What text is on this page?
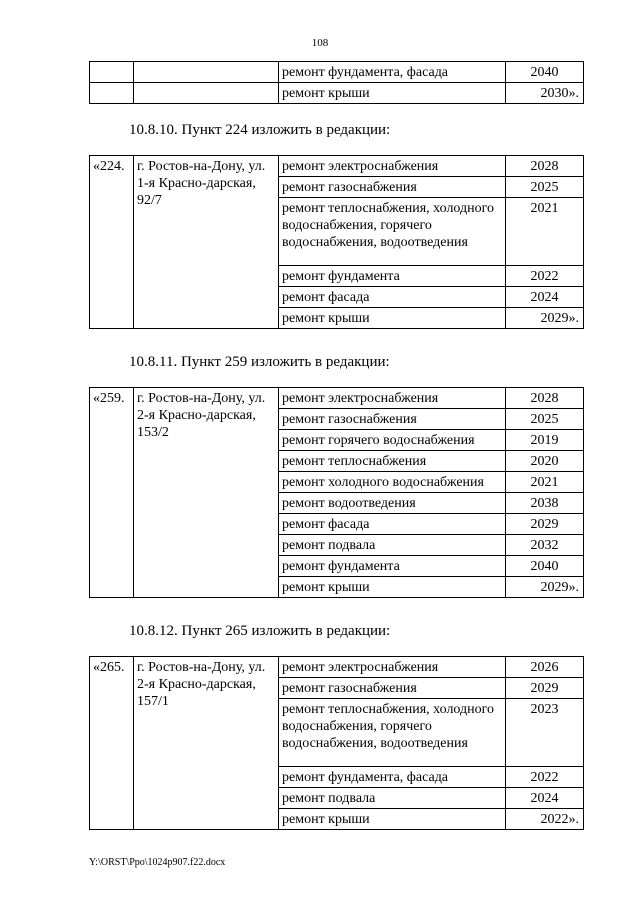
108
		ремонт фундамента, фасада	2040
		ремонт крыши	2030».
10.8.10. Пункт 224 изложить в редакции:
«224.	г. Ростов-на-Дону, ул. 1-я Красно-дарская, 92/7	ремонт электроснабжения	2028
		ремонт газоснабжения	2025
		ремонт теплоснабжения, холодного водоснабжения, горячего водоснабжения, водоотведения	2021
		ремонт фундамента	2022
		ремонт фасада	2024
		ремонт крыши	2029».
10.8.11. Пункт 259 изложить в редакции:
«259.	г. Ростов-на-Дону, ул. 2-я Красно-дарская, 153/2	ремонт электроснабжения	2028
		ремонт газоснабжения	2025
		ремонт горячего водоснабжения	2019
		ремонт теплоснабжения	2020
		ремонт холодного водоснабжения	2021
		ремонт водоотведения	2038
		ремонт фасада	2029
		ремонт подвала	2032
		ремонт фундамента	2040
		ремонт крыши	2029».
10.8.12. Пункт 265 изложить в редакции:
«265.	г. Ростов-на-Дону, ул. 2-я Красно-дарская, 157/1	ремонт электроснабжения	2026
		ремонт газоснабжения	2029
		ремонт теплоснабжения, холодного водоснабжения, горячего водоснабжения, водоотведения	2023
		ремонт фундамента, фасада	2022
		ремонт подвала	2024
		ремонт крыши	2022».
Y:\ORST\Ppo\1024p907.f22.docx
